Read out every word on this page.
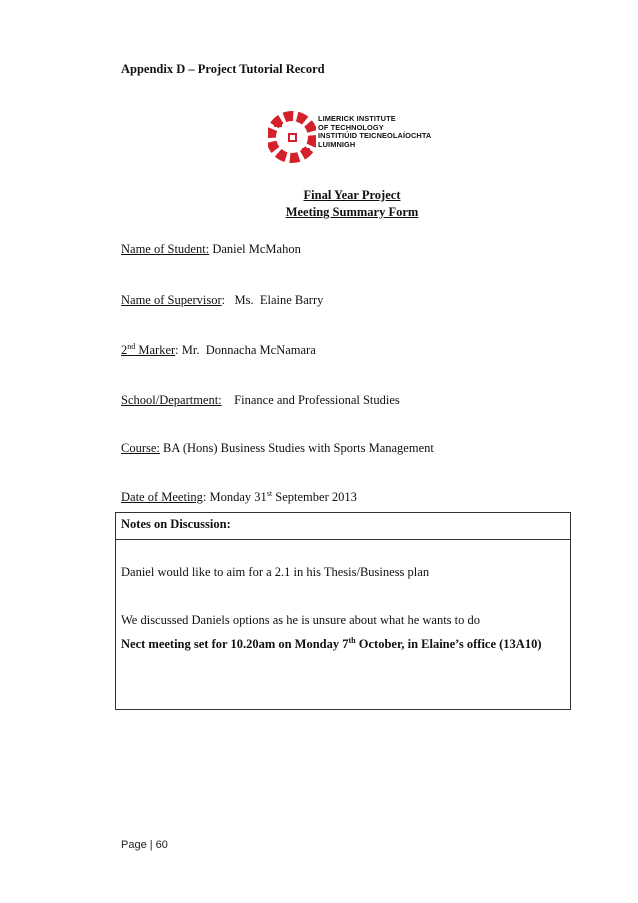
Appendix D – Project Tutorial Record
LIMERICK INSTITUTE
OF TECHNOLOGY
INSTITIÚID TEICNEOLAÍOCHTA
LUIMNIGH
Final Year Project
Meeting Summary Form
Name of Student: Daniel McMahon
Name of Supervisor:   Ms.  Elaine Barry
2nd Marker: Mr.  Donnacha McNamara
School/Department:    Finance and Professional Studies
Course: BA (Hons) Business Studies with Sports Management
Date of Meeting: Monday 31st September 2013
Notes on Discussion:
Daniel would like to aim for a 2.1 in his Thesis/Business plan
We discussed Daniels options as he is unsure about what he wants to do
Nect meeting set for 10.20am on Monday 7th October, in Elaine’s office (13A10)
Page | 60
